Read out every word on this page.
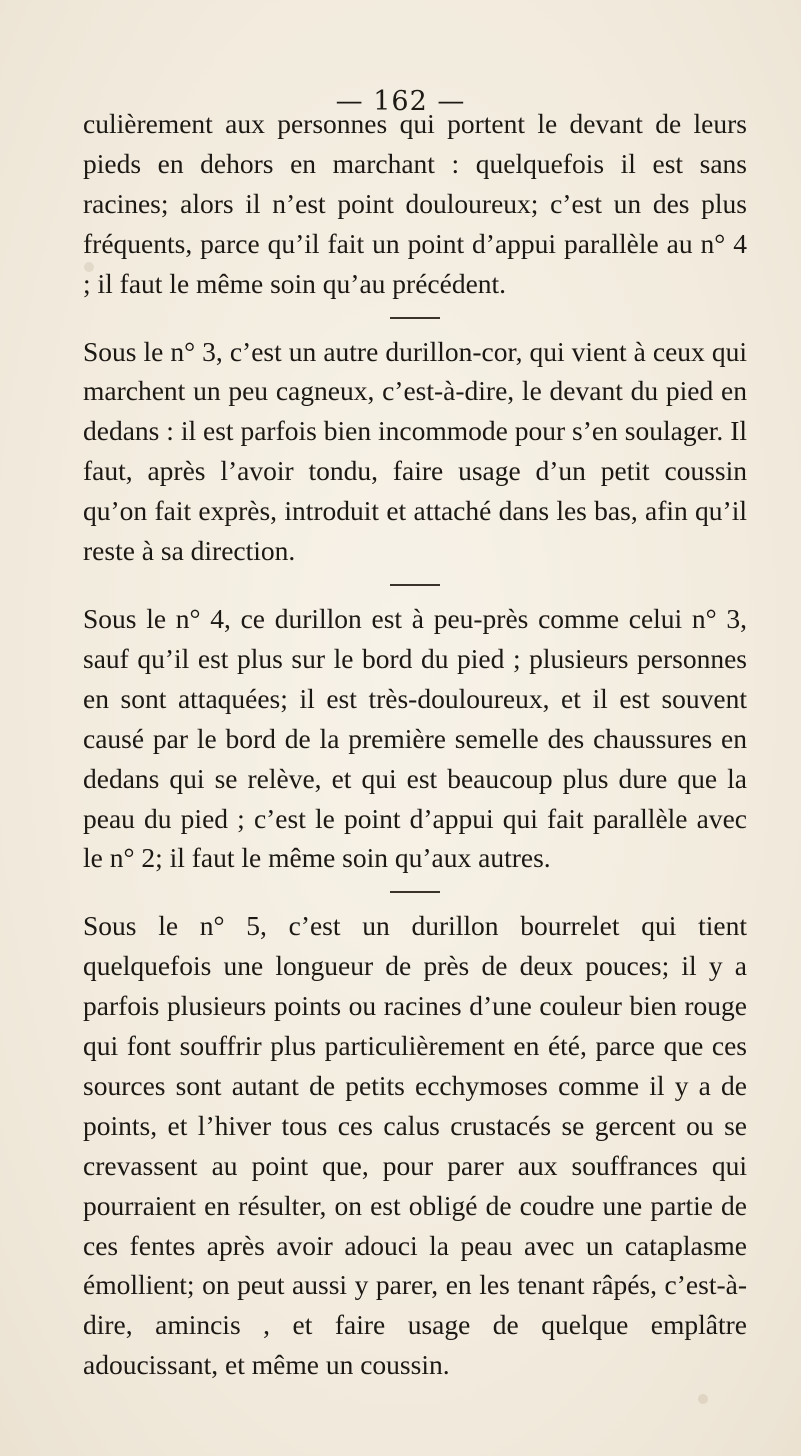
— 162 —

culièrement aux personnes qui portent le devant de leurs pieds en dehors en marchant : quelquefois il est sans racines; alors il n’est point douloureux; c’est un des plus fréquents, parce qu’il fait un point d’appui parallèle au n° 4 ; il faut le même soin qu’au précédent.

Sous le n° 3, c’est un autre durillon-cor, qui vient à ceux qui marchent un peu cagneux, c’est-à-dire, le devant du pied en dedans : il est parfois bien incommode pour s’en soulager. Il faut, après l’avoir tondu, faire usage d’un petit coussin qu’on fait exprès, introduit et attaché dans les bas, afin qu’il reste à sa direction.

Sous le n° 4, ce durillon est à peu-près comme celui n° 3, sauf qu’il est plus sur le bord du pied ; plusieurs personnes en sont attaquées; il est très-douloureux, et il est souvent causé par le bord de la première semelle des chaussures en dedans qui se relève, et qui est beaucoup plus dure que la peau du pied ; c’est le point d’appui qui fait parallèle avec le n° 2; il faut le même soin qu’aux autres.

Sous le n° 5, c’est un durillon bourrelet qui tient quelquefois une longueur de près de deux pouces; il y a parfois plusieurs points ou racines d’une couleur bien rouge qui font souffrir plus particulièrement en été, parce que ces sources sont autant de petits ecchymoses comme il y a de points, et l’hiver tous ces calus crustacés se gercent ou se crevassent au point que, pour parer aux souffrances qui pourraient en résulter, on est obligé de coudre une partie de ces fentes après avoir adouci la peau avec un cataplasme émollient; on peut aussi y parer, en les tenant râpés, c’est-à-dire, amincis , et faire usage de quelque emplâtre adoucissant, et même un coussin.
